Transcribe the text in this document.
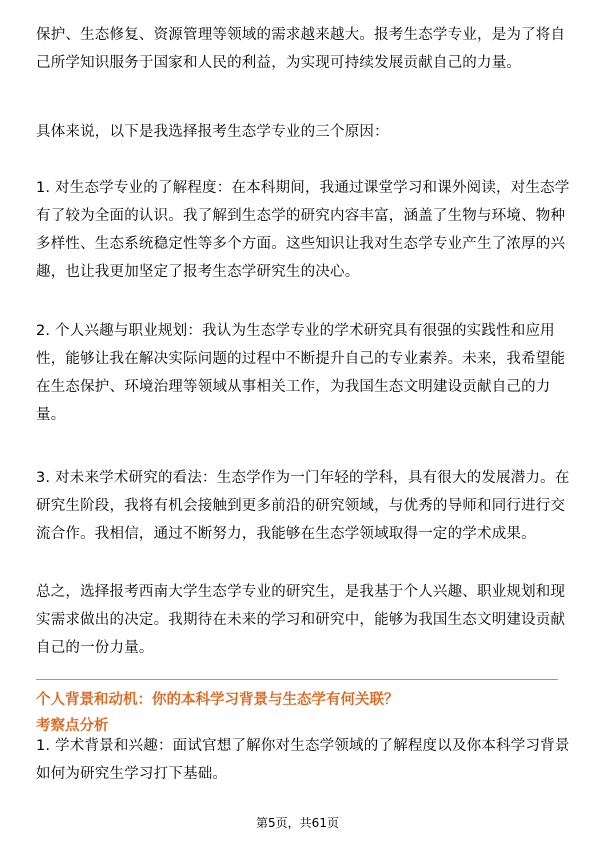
保护、生态修复、资源管理等领域的需求越来越大。报考生态学专业，是为了将自
己所学知识服务于国家和人民的利益，为实现可持续发展贡献自己的力量。
具体来说，以下是我选择报考生态学专业的三个原因：
1. 对生态学专业的了解程度：在本科期间，我通过课堂学习和课外阅读，对生态学
有了较为全面的认识。我了解到生态学的研究内容丰富，涵盖了生物与环境、物种
多样性、生态系统稳定性等多个方面。这些知识让我对生态学专业产生了浓厚的兴
趣，也让我更加坚定了报考生态学研究生的决心。
2. 个人兴趣与职业规划：我认为生态学专业的学术研究具有很强的实践性和应用
性，能够让我在解决实际问题的过程中不断提升自己的专业素养。未来，我希望能
在生态保护、环境治理等领域从事相关工作，为我国生态文明建设贡献自己的力
量。
3. 对未来学术研究的看法：生态学作为一门年轻的学科，具有很大的发展潜力。在
研究生阶段，我将有机会接触到更多前沿的研究领域，与优秀的导师和同行进行交
流合作。我相信，通过不断努力，我能够在生态学领域取得一定的学术成果。
总之，选择报考西南大学生态学专业的研究生，是我基于个人兴趣、职业规划和现
实需求做出的决定。我期待在未来的学习和研究中，能够为我国生态文明建设贡献
自己的一份力量。
个人背景和动机：你的本科学习背景与生态学有何关联？
考察点分析
1. 学术背景和兴趣：面试官想了解你对生态学领域的了解程度以及你本科学习背景
如何为研究生学习打下基础。
第5页，共61页
